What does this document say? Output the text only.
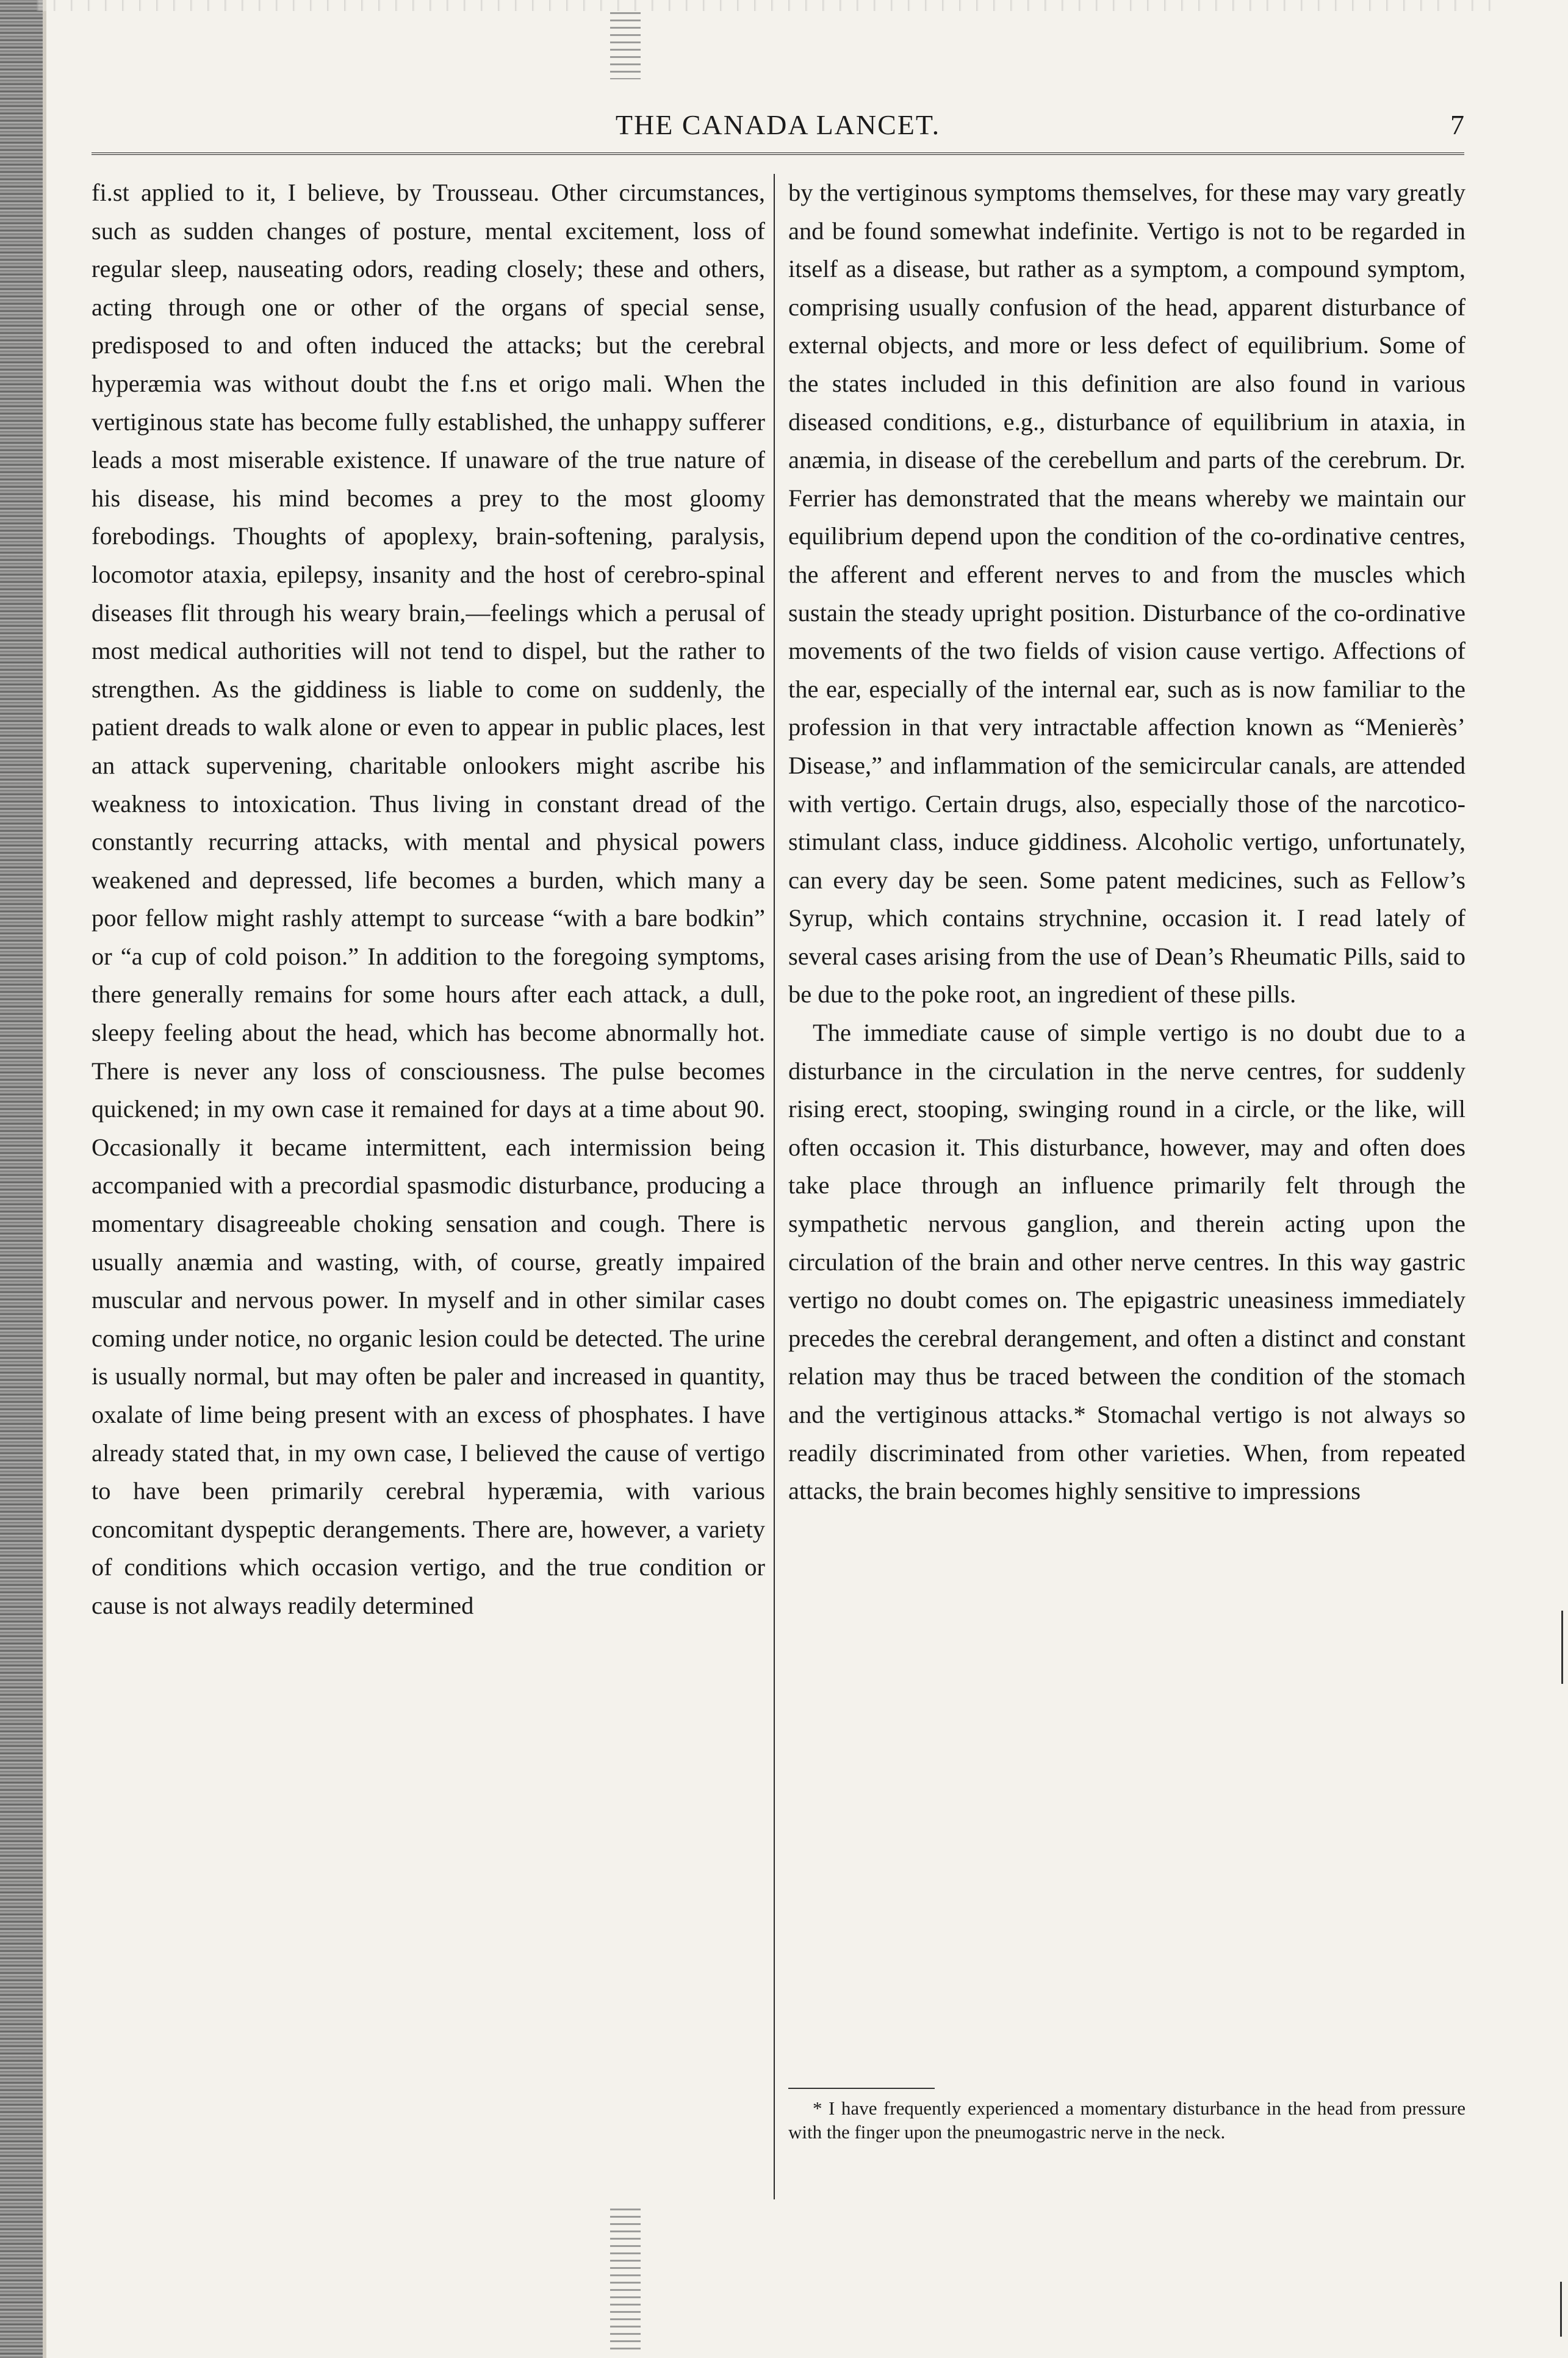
THE CANADA LANCET.	7

fi.st applied to it, I believe, by Trousseau. Other circumstances, such as sudden changes of posture, mental excitement, loss of regular sleep, nauseating odors, reading closely; these and others, acting through one or other of the organs of special sense, predisposed to and often induced the attacks; but the cerebral hyperæmia was without doubt the f.ns et origo mali. When the vertiginous state has become fully established, the unhappy sufferer leads a most miserable existence. If unaware of the true nature of his disease, his mind becomes a prey to the most gloomy forebodings. Thoughts of apoplexy, brain-softening, paralysis, locomotor ataxia, epilepsy, insanity and the host of cerebro-spinal diseases flit through his weary brain,—feelings which a perusal of most medical authorities will not tend to dispel, but the rather to strengthen. As the giddiness is liable to come on suddenly, the patient dreads to walk alone or even to appear in public places, lest an attack supervening, charitable onlookers might ascribe his weakness to intoxication. Thus living in constant dread of the constantly recurring attacks, with mental and physical powers weakened and depressed, life becomes a burden, which many a poor fellow might rashly attempt to surcease “with a bare bodkin” or “a cup of cold poison.” In addition to the foregoing symptoms, there generally remains for some hours after each attack, a dull, sleepy feeling about the head, which has become abnormally hot. There is never any loss of consciousness. The pulse becomes quickened; in my own case it remained for days at a time about 90. Occasionally it became intermittent, each intermission being accompanied with a precordial spasmodic disturbance, producing a momentary disagreeable choking sensation and cough. There is usually anæmia and wasting, with, of course, greatly impaired muscular and nervous power. In myself and in other similar cases coming under notice, no organic lesion could be detected. The urine is usually normal, but may often be paler and increased in quantity, oxalate of lime being present with an excess of phosphates. I have already stated that, in my own case, I believed the cause of vertigo to have been primarily cerebral hyperæmia, with various concomitant dyspeptic derangements. There are, however, a variety of conditions which occasion vertigo, and the true condition or cause is not always readily determined

by the vertiginous symptoms themselves, for these may vary greatly and be found somewhat indefinite. Vertigo is not to be regarded in itself as a disease, but rather as a symptom, a compound symptom, comprising usually confusion of the head, apparent disturbance of external objects, and more or less defect of equilibrium. Some of the states included in this definition are also found in various diseased conditions, e.g., disturbance of equilibrium in ataxia, in anæmia, in disease of the cerebellum and parts of the cerebrum. Dr. Ferrier has demonstrated that the means whereby we maintain our equilibrium depend upon the condition of the co-ordinative centres, the afferent and efferent nerves to and from the muscles which sustain the steady upright position. Disturbance of the co-ordinative movements of the two fields of vision cause vertigo. Affections of the ear, especially of the internal ear, such as is now familiar to the profession in that very intractable affection known as “Menierès’ Disease,” and inflammation of the semicircular canals, are attended with vertigo. Certain drugs, also, especially those of the narcotico-stimulant class, induce giddiness. Alcoholic vertigo, unfortunately, can every day be seen. Some patent medicines, such as Fellow’s Syrup, which contains strychnine, occasion it. I read lately of several cases arising from the use of Dean’s Rheumatic Pills, said to be due to the poke root, an ingredient of these pills.

The immediate cause of simple vertigo is no doubt due to a disturbance in the circulation in the nerve centres, for suddenly rising erect, stooping, swinging round in a circle, or the like, will often occasion it. This disturbance, however, may and often does take place through an influence primarily felt through the sympathetic nervous ganglion, and therein acting upon the circulation of the brain and other nerve centres. In this way gastric vertigo no doubt comes on. The epigastric uneasiness immediately precedes the cerebral derangement, and often a distinct and constant relation may thus be traced between the condition of the stomach and the vertiginous attacks.* Stomachal vertigo is not always so readily discriminated from other varieties. When, from repeated attacks, the brain becomes highly sensitive to impressions

* I have frequently experienced a momentary disturbance in the head from pressure with the finger upon the pneumogastric nerve in the neck.
